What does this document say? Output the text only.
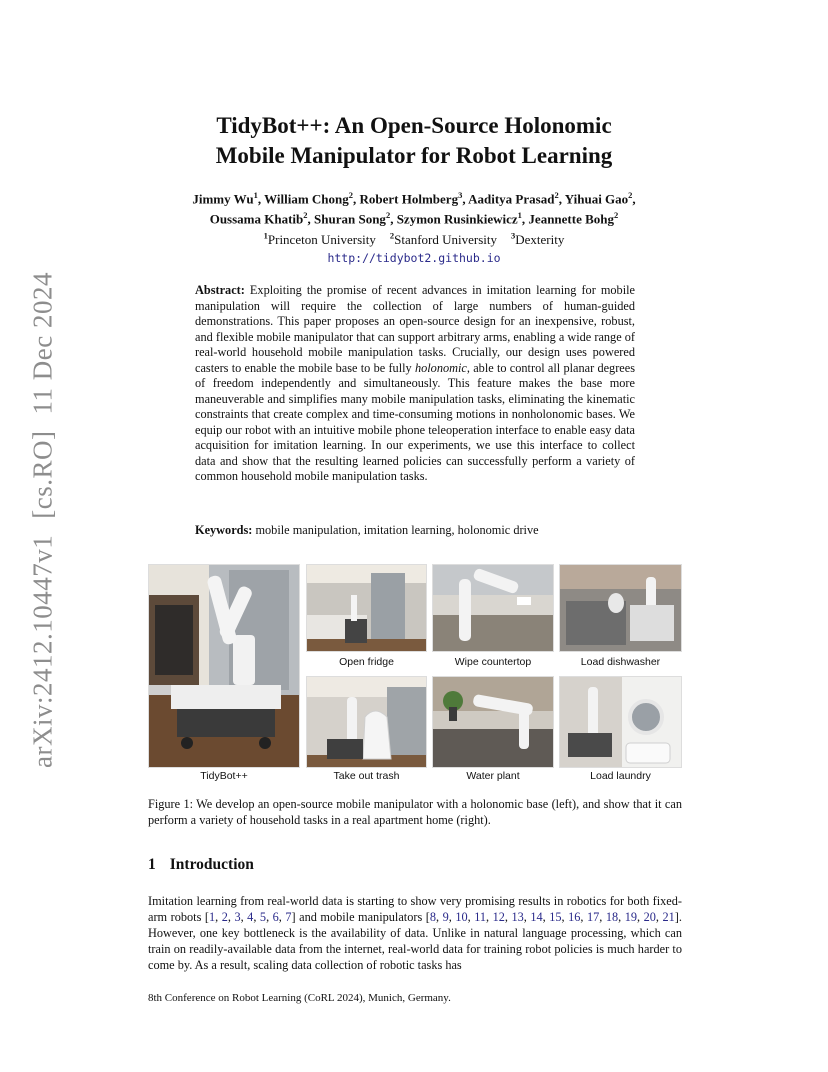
arXiv:2412.10447v1[cs.RO]11 Dec 2024
TidyBot++: An Open-Source Holonomic
Mobile Manipulator for Robot Learning
Jimmy Wu$^1$, William Chong$^2$, Robert Holmberg$^3$, Aaditya Prasad$^2$, Yihuai Gao$^2$,
Oussama Khatib$^2$, Shuran Song$^2$, Szymon Rusinkiewicz$^1$, Jeannette Bohg$^2$
$^1$Princeton University $^2$Stanford University $^3$Dexterity
http://tidybot2.github.io

Abstract: Exploiting the promise of recent advances in imitation learning for mobile manipulation will require the collection of large numbers of human-guided demonstrations. This paper proposes an open-source design for an inexpensive, robust, and flexible mobile manipulator that can support arbitrary arms, enabling a wide range of real-world household mobile manipulation tasks. Crucially, our design uses powered casters to enable the mobile base to be fully holonomic, able to control all planar degrees of freedom independently and simultaneously. This feature makes the base more maneuverable and simplifies many mobile manipulation tasks, eliminating the kinematic constraints that create complex and time-consuming motions in nonholonomic bases. We equip our robot with an intuitive mobile phone teleoperation interface to enable easy data acquisition for imitation learning. In our experiments, we use this interface to collect data and show that the resulting learned policies can successfully perform a variety of common household mobile manipulation tasks.

Keywords: mobile manipulation, imitation learning, holonomic drive

TidyBot++
Open fridge	Wipe countertop	Load dishwasher
Take out trash	Water plant	Load laundry

Figure 1: We develop an open-source mobile manipulator with a holonomic base (left), and show that it can perform a variety of household tasks in a real apartment home (right).

1 Introduction

Imitation learning from real-world data is starting to show very promising results in robotics for both fixed-arm robots [1, 2, 3, 4, 5, 6, 7] and mobile manipulators [8, 9, 10, 11, 12, 13, 14, 15, 16, 17, 18, 19, 20, 21]. However, one key bottleneck is the availability of data. Unlike in natural language processing, which can train on readily-available data from the internet, real-world data for training robot policies is much harder to come by. As a result, scaling data collection of robotic tasks has

8th Conference on Robot Learning (CoRL 2024), Munich, Germany.
